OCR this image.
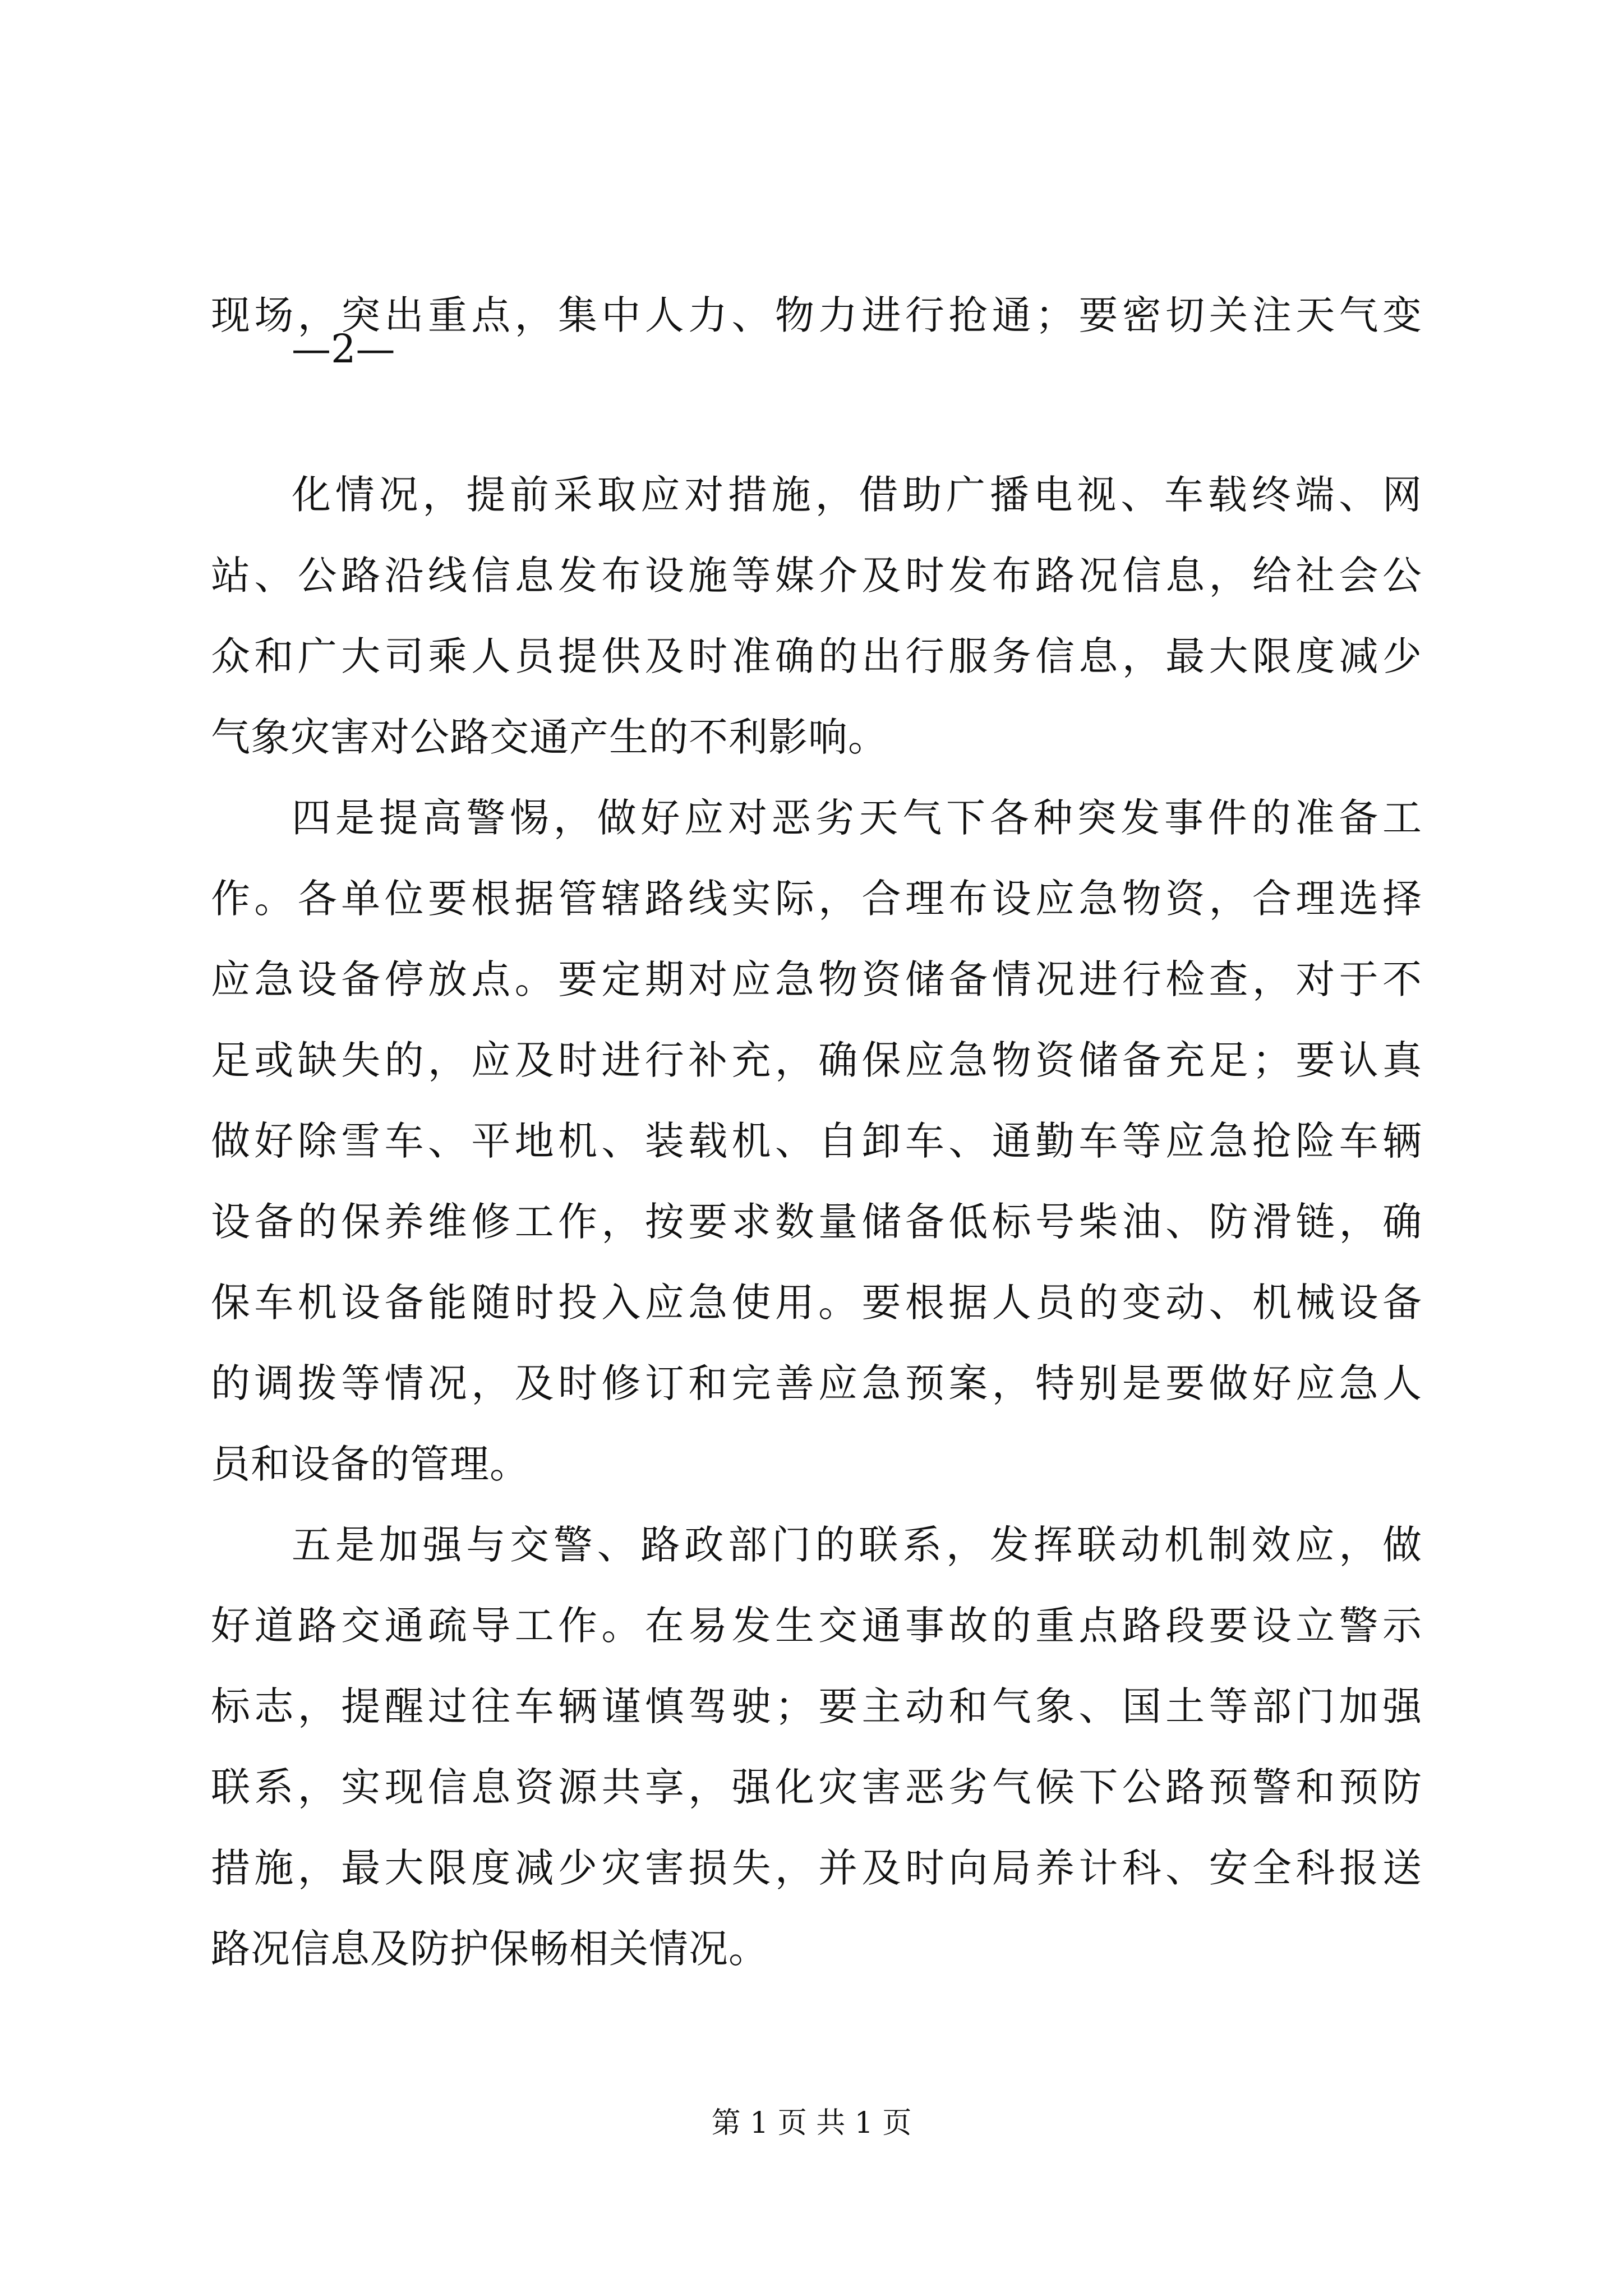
现场，突出重点，集中人力、物力进行抢通；要密切关注天气变
—2—
化情况，提前采取应对措施，借助广播电视、车载终端、网
站、公路沿线信息发布设施等媒介及时发布路况信息，给社会公
众和广大司乘人员提供及时准确的出行服务信息，最大限度减少
气象灾害对公路交通产生的不利影响。
四是提高警惕，做好应对恶劣天气下各种突发事件的准备工
作。各单位要根据管辖路线实际，合理布设应急物资，合理选择
应急设备停放点。要定期对应急物资储备情况进行检查，对于不
足或缺失的，应及时进行补充，确保应急物资储备充足；要认真
做好除雪车、平地机、装载机、自卸车、通勤车等应急抢险车辆
设备的保养维修工作，按要求数量储备低标号柴油、防滑链，确
保车机设备能随时投入应急使用。要根据人员的变动、机械设备
的调拨等情况，及时修订和完善应急预案，特别是要做好应急人
员和设备的管理。
五是加强与交警、路政部门的联系，发挥联动机制效应，做
好道路交通疏导工作。在易发生交通事故的重点路段要设立警示
标志，提醒过往车辆谨慎驾驶；要主动和气象、国土等部门加强
联系，实现信息资源共享，强化灾害恶劣气候下公路预警和预防
措施，最大限度减少灾害损失，并及时向局养计科、安全科报送
路况信息及防护保畅相关情况。
第 1 页 共 1 页
